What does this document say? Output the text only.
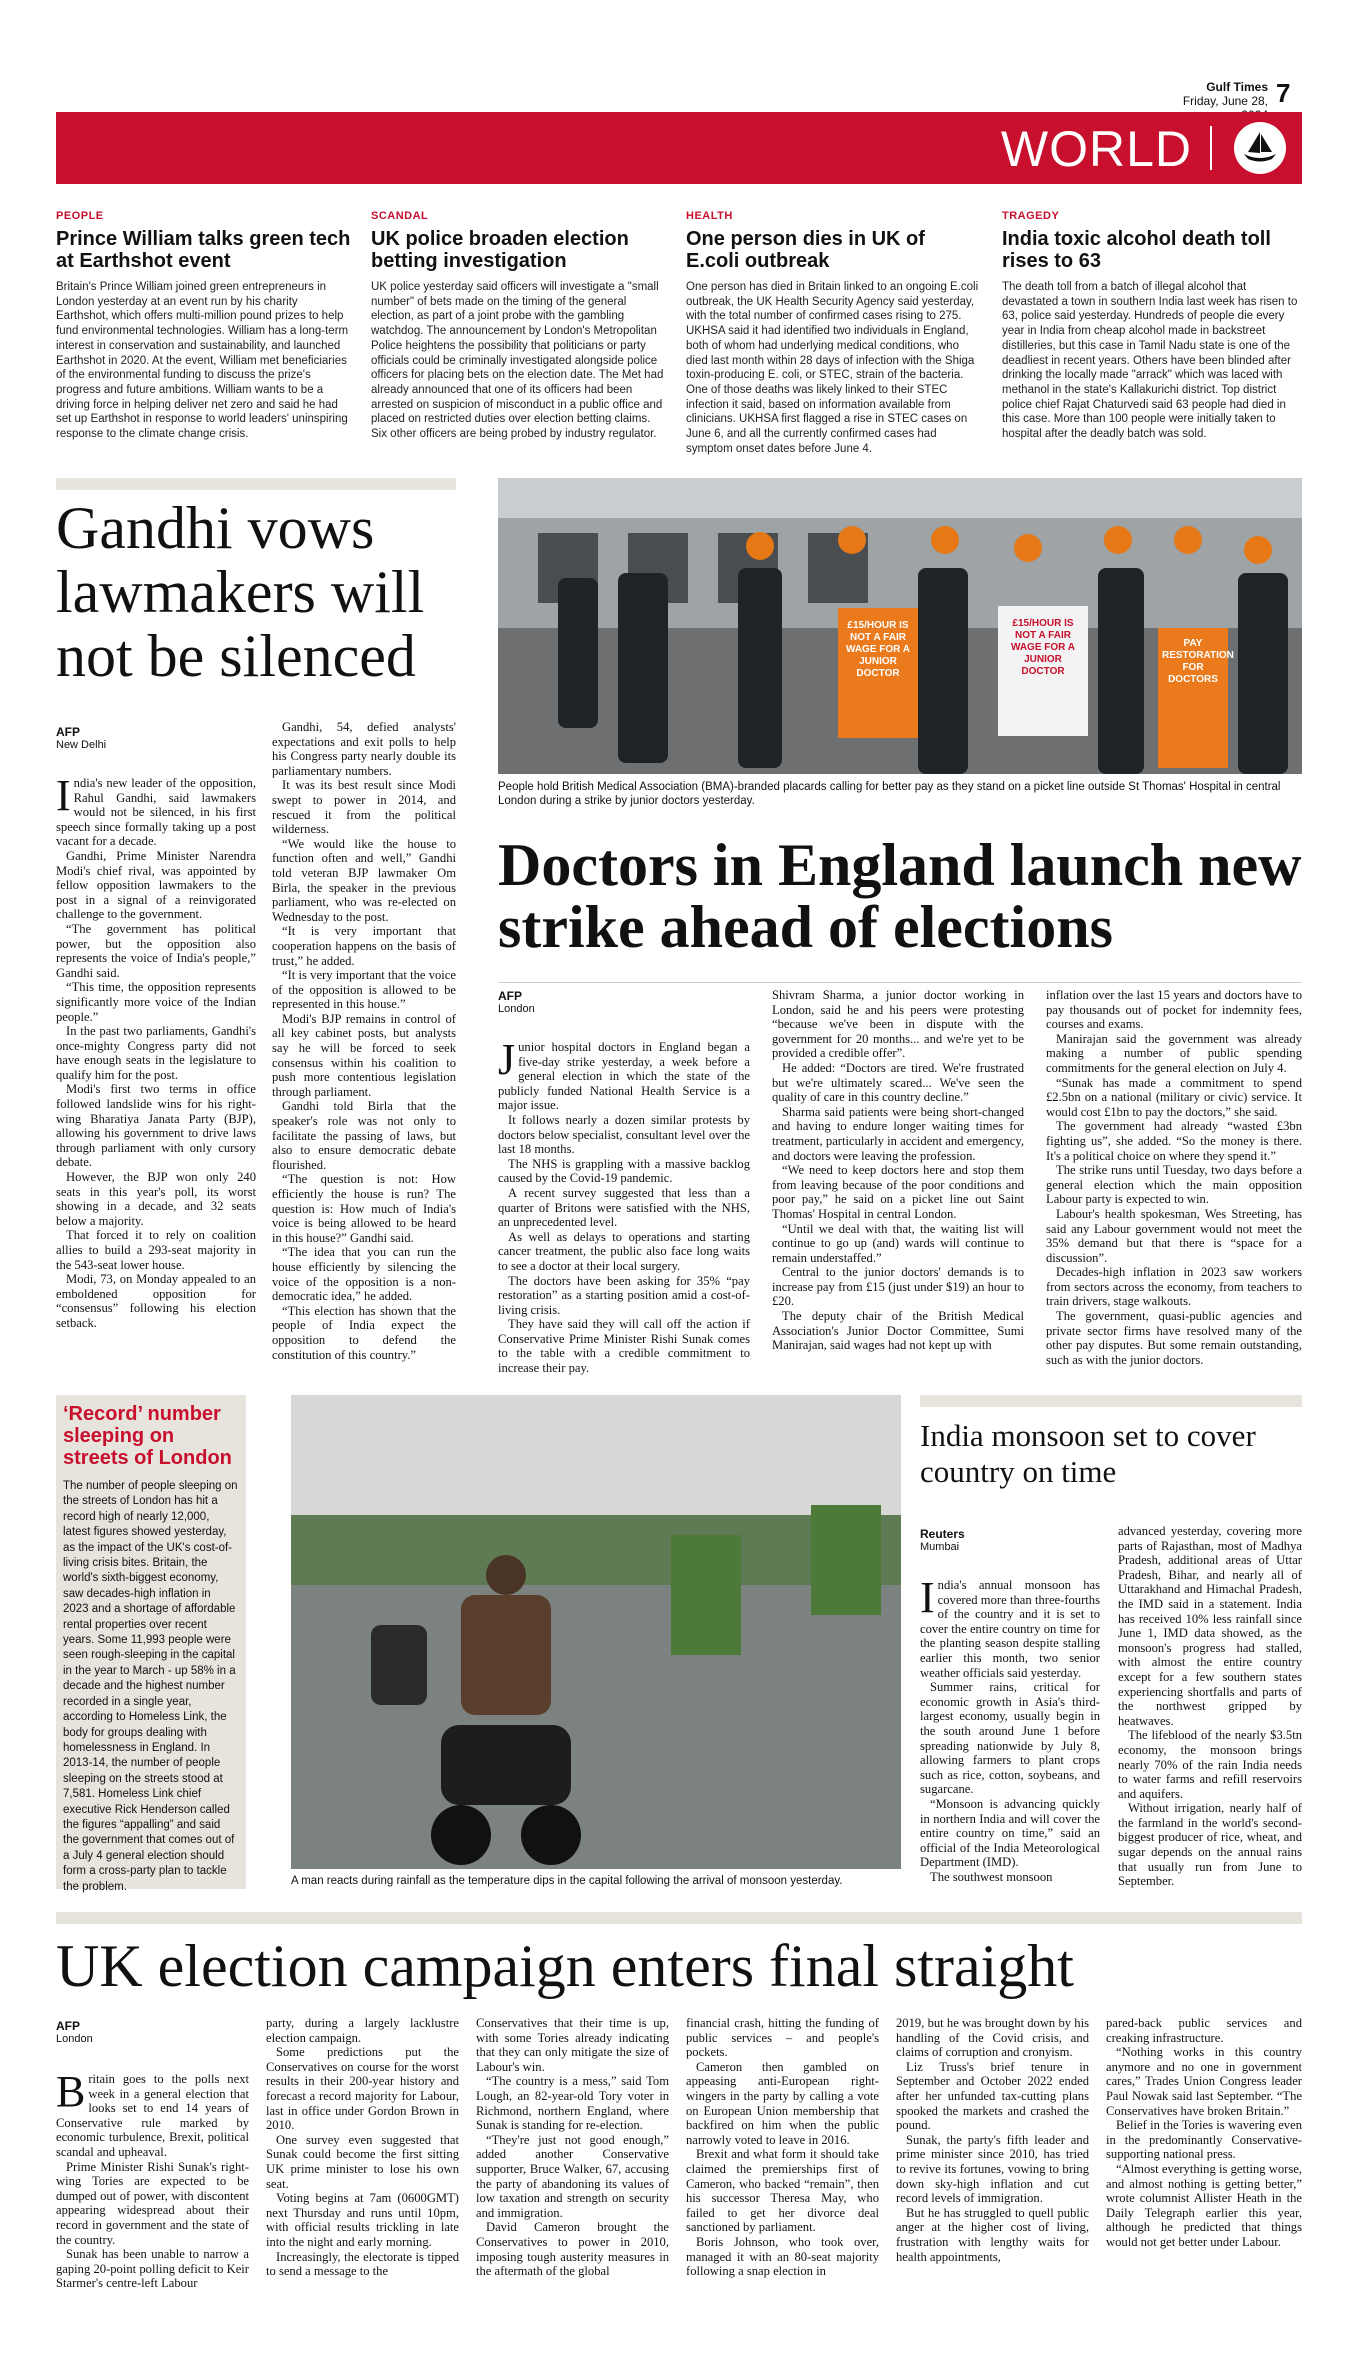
Gulf Times
Friday, June 28, 7
WORLD
PEOPLE
Prince William talks green tech at Earthshot event
Britain's Prince William joined green entrepreneurs in London yesterday at an event run by his charity Earthshot, which offers multi-million pound prizes to help fund environmental technologies. William has a long-term interest in conservation and sustainability, and launched Earthshot in 2020. At the event, William met beneficiaries of the environmental funding to discuss the prize's progress and future ambitions. William wants to be a driving force in helping deliver net zero and said he had set up Earthshot in response to world leaders' uninspiring response to the climate change crisis.
SCANDAL
UK police broaden election betting investigation
UK police yesterday said officers will investigate a "small number" of bets made on the timing of the general election, as part of a joint probe with the gambling watchdog. The announcement by London's Metropolitan Police heightens the possibility that politicians or party officials could be criminally investigated alongside police officers for placing bets on the election date. The Met had already announced that one of its officers had been arrested on suspicion of misconduct in a public office and placed on restricted duties over election betting claims. Six other officers are being probed by industry regulator.
HEALTH
One person dies in UK of E.coli outbreak
One person has died in Britain linked to an ongoing E.coli outbreak, the UK Health Security Agency said yesterday, with the total number of confirmed cases rising to 275. UKHSA said it had identified two individuals in England, both of whom had underlying medical conditions, who died last month within 28 days of infection with the Shiga toxin-producing E. coli, or STEC, strain of the bacteria. One of those deaths was likely linked to their STEC infection it said, based on information available from clinicians. UKHSA first flagged a rise in STEC cases on June 6, and all the currently confirmed cases had symptom onset dates before June 4.
TRAGEDY
India toxic alcohol death toll rises to 63
The death toll from a batch of illegal alcohol that devastated a town in southern India last week has risen to 63, police said yesterday. Hundreds of people die every year in India from cheap alcohol made in backstreet distilleries, but this case in Tamil Nadu state is one of the deadliest in recent years. Others have been blinded after drinking the locally made "arrack" which was laced with methanol in the state's Kallakurichi district. Top district police chief Rajat Chaturvedi said 63 people had died in this case. More than 100 people were initially taken to hospital after the deadly batch was sold.
Gandhi vows lawmakers will not be silenced
AFP
New Delhi

India's new leader of the opposition, Rahul Gandhi, said lawmakers would not be silenced, in his first speech since formally taking up a post vacant for a decade.

Gandhi, Prime Minister Narendra Modi's chief rival, was appointed by fellow opposition lawmakers to the post in a signal of a reinvigorated challenge to the government.

“The government has political power, but the opposition also represents the voice of India's people,” Gandhi said.

“This time, the opposition represents significantly more voice of the Indian people.”

In the past two parliaments, Gandhi's once-mighty Congress party did not have enough seats in the legislature to qualify him for the post.

Modi's first two terms in office followed landslide wins for his right-wing Bharatiya Janata Party (BJP), allowing his government to drive laws through parliament with only cursory debate.

However, the BJP won only 240 seats in this year's poll, its worst showing in a decade, and 32 seats below a majority.

That forced it to rely on coalition allies to build a 293-seat majority in the 543-seat lower house.

Modi, 73, on Monday appealed to an emboldened opposition for “consensus” following his election setback.

Gandhi, 54, defied analysts' expectations and exit polls to help his Congress party nearly double its parliamentary numbers.

It was its best result since Modi swept to power in 2014, and rescued it from the political wilderness.

“We would like the house to function often and well,” Gandhi told veteran BJP lawmaker Om Birla, the speaker in the previous parliament, who was re-elected on Wednesday to the post.

“It is very important that cooperation happens on the basis of trust,” he added.

“It is very important that the voice of the opposition is allowed to be represented in this house.”

Modi's BJP remains in control of all key cabinet posts, but analysts say he will be forced to seek consensus within his coalition to push more contentious legislation through parliament.

Gandhi told Birla that the speaker's role was not only to facilitate the passing of laws, but also to ensure democratic debate flourished.

“The question is not: How efficiently the house is run? The question is: How much of India's voice is being allowed to be heard in this house?” Gandhi said.

“The idea that you can run the house efficiently by silencing the voice of the opposition is a non-democratic idea,” he added.

“This election has shown that the people of India expect the opposition to defend the constitution of this country.”

£15/HOUR IS NOT A FAIR WAGE FOR A JUNIOR DOCTOR
£15/HOUR IS NOT A FAIR WAGE FOR A JUNIOR DOCTOR
PAY RESTORATION FOR DOCTORS
People hold British Medical Association (BMA)-branded placards calling for better pay as they stand on a picket line outside St Thomas' Hospital in central London during a strike by junior doctors yesterday.
Doctors in England launch new strike ahead of elections
AFP
London

Junior hospital doctors in England began a five-day strike yesterday, a week before a general election in which the state of the publicly funded National Health Service is a major issue.

It follows nearly a dozen similar protests by doctors below specialist, consultant level over the last 18 months.

The NHS is grappling with a massive backlog caused by the Covid-19 pandemic.

A recent survey suggested that less than a quarter of Britons were satisfied with the NHS, an unprecedented level.

As well as delays to operations and starting cancer treatment, the public also face long waits to see a doctor at their local surgery.

The doctors have been asking for 35% “pay restoration” as a starting position amid a cost-of-living crisis.

They have said they will call off the action if Conservative Prime Minister Rishi Sunak comes to the table with a credible commitment to increase their pay.

Shivram Sharma, a junior doctor working in London, said he and his peers were protesting “because we've been in dispute with the government for 20 months... and we're yet to be provided a credible offer”.

He added: “Doctors are tired. We're frustrated but we're ultimately scared... We've seen the quality of care in this country decline.”

Sharma said patients were being short-changed and having to endure longer waiting times for treatment, particularly in accident and emergency, and doctors were leaving the profession.

“We need to keep doctors here and stop them from leaving because of the poor conditions and poor pay,” he said on a picket line out Saint Thomas' Hospital in central London.

“Until we deal with that, the waiting list will continue to go up (and) wards will continue to remain understaffed.”

Central to the junior doctors' demands is to increase pay from £15 (just under $19) an hour to £20.

The deputy chair of the British Medical Association's Junior Doctor Committee, Sumi Manirajan, said wages had not kept up with

inflation over the last 15 years and doctors have to pay thousands out of pocket for indemnity fees, courses and exams.

Manirajan said the government was already making a number of public spending commitments for the general election on July 4.

“Sunak has made a commitment to spend £2.5bn on a national (military or civic) service. It would cost £1bn to pay the doctors,” she said.

The government had already “wasted £3bn fighting us”, she added. “So the money is there. It's a political choice on where they spend it.”

The strike runs until Tuesday, two days before a general election which the main opposition Labour party is expected to win.

Labour's health spokesman, Wes Streeting, has said any Labour government would not meet the 35% demand but that there is “space for a discussion”.

Decades-high inflation in 2023 saw workers from sectors across the economy, from teachers to train drivers, stage walkouts.

The government, quasi-public agencies and private sector firms have resolved many of the other pay disputes. But some remain outstanding, such as with the junior doctors.

‘Record’ number sleeping on streets of London
The number of people sleeping on the streets of London has hit a record high of nearly 12,000, latest figures showed yesterday, as the impact of the UK's cost-of-living crisis bites. Britain, the world's sixth-biggest economy, saw decades-high inflation in 2023 and a shortage of affordable rental properties over recent years. Some 11,993 people were seen rough-sleeping in the capital in the year to March - up 58% in a decade and the highest number recorded in a single year, according to Homeless Link, the body for groups dealing with homelessness in England. In 2013-14, the number of people sleeping on the streets stood at 7,581. Homeless Link chief executive Rick Henderson called the figures “appalling” and said the government that comes out of a July 4 general election should form a cross-party plan to tackle the problem.	A man reacts during rainfall as the temperature dips in the capital following the arrival of monsoon yesterday.
India monsoon set to cover country on time
Reuters
Mumbai

India's annual monsoon has covered more than three-fourths of the country and it is set to cover the entire country on time for the planting season despite stalling earlier this month, two senior weather officials said yesterday.

Summer rains, critical for economic growth in Asia's third-largest economy, usually begin in the south around June 1 before spreading nationwide by July 8, allowing farmers to plant crops such as rice, cotton, soybeans, and sugarcane.

“Monsoon is advancing quickly in northern India and will cover the entire country on time,” said an official of the India Meteorological Department (IMD).

The southwest monsoon

advanced yesterday, covering more parts of Rajasthan, most of Madhya Pradesh, additional areas of Uttar Pradesh, Bihar, and nearly all of Uttarakhand and Himachal Pradesh, the IMD said in a statement. India has received 10% less rainfall since June 1, IMD data showed, as the monsoon's progress had stalled, with almost the entire country except for a few southern states experiencing shortfalls and parts of the northwest gripped by heatwaves.

The lifeblood of the nearly $3.5tn economy, the monsoon brings nearly 70% of the rain India needs to water farms and refill reservoirs and aquifers.

Without irrigation, nearly half of the farmland in the world's second-biggest producer of rice, wheat, and sugar depends on the annual rains that usually run from June to September.

UK election campaign enters final straight
AFP
London

Britain goes to the polls next week in a general election that looks set to end 14 years of Conservative rule marked by economic turbulence, Brexit, political scandal and upheaval.

Prime Minister Rishi Sunak's right-wing Tories are expected to be dumped out of power, with discontent appearing widespread about their record in government and the state of the country.

Sunak has been unable to narrow a gaping 20-point polling deficit to Keir Starmer's centre-left Labour

party, during a largely lacklustre election campaign.

Some predictions put the Conservatives on course for the worst results in their 200-year history and forecast a record majority for Labour, last in office under Gordon Brown in 2010.

One survey even suggested that Sunak could become the first sitting UK prime minister to lose his own seat.

Voting begins at 7am (0600GMT) next Thursday and runs until 10pm, with official results trickling in late into the night and early morning.

Increasingly, the electorate is tipped to send a message to the

Conservatives that their time is up, with some Tories already indicating that they can only mitigate the size of Labour's win.

“The country is a mess,” said Tom Lough, an 82-year-old Tory voter in Richmond, northern England, where Sunak is standing for re-election.

“They're just not good enough,” added another Conservative supporter, Bruce Walker, 67, accusing the party of abandoning its values of low taxation and strength on security and immigration.

David Cameron brought the Conservatives to power in 2010, imposing tough austerity measures in the aftermath of the global

financial crash, hitting the funding of public services – and people's pockets.

Cameron then gambled on appeasing anti-European right-wingers in the party by calling a vote on European Union membership that backfired on him when the public narrowly voted to leave in 2016.

Brexit and what form it should take claimed the premierships first of Cameron, who backed “remain”, then his successor Theresa May, who failed to get her divorce deal sanctioned by parliament.

Boris Johnson, who took over, managed it with an 80-seat majority following a snap election in

2019, but he was brought down by his handling of the Covid crisis, and claims of corruption and cronyism.

Liz Truss's brief tenure in September and October 2022 ended after her unfunded tax-cutting plans spooked the markets and crashed the pound.

Sunak, the party's fifth leader and prime minister since 2010, has tried to revive its fortunes, vowing to bring down sky-high inflation and cut record levels of immigration.

But he has struggled to quell public anger at the higher cost of living, frustration with lengthy waits for health appointments,

pared-back public services and creaking infrastructure.

“Nothing works in this country anymore and no one in government cares,” Trades Union Congress leader Paul Nowak said last September. “The Conservatives have broken Britain.”

Belief in the Tories is wavering even in the predominantly Conservative-supporting national press.

“Almost everything is getting worse, and almost nothing is getting better,” wrote columnist Allister Heath in the Daily Telegraph earlier this year, although he predicted that things would not get better under Labour.
